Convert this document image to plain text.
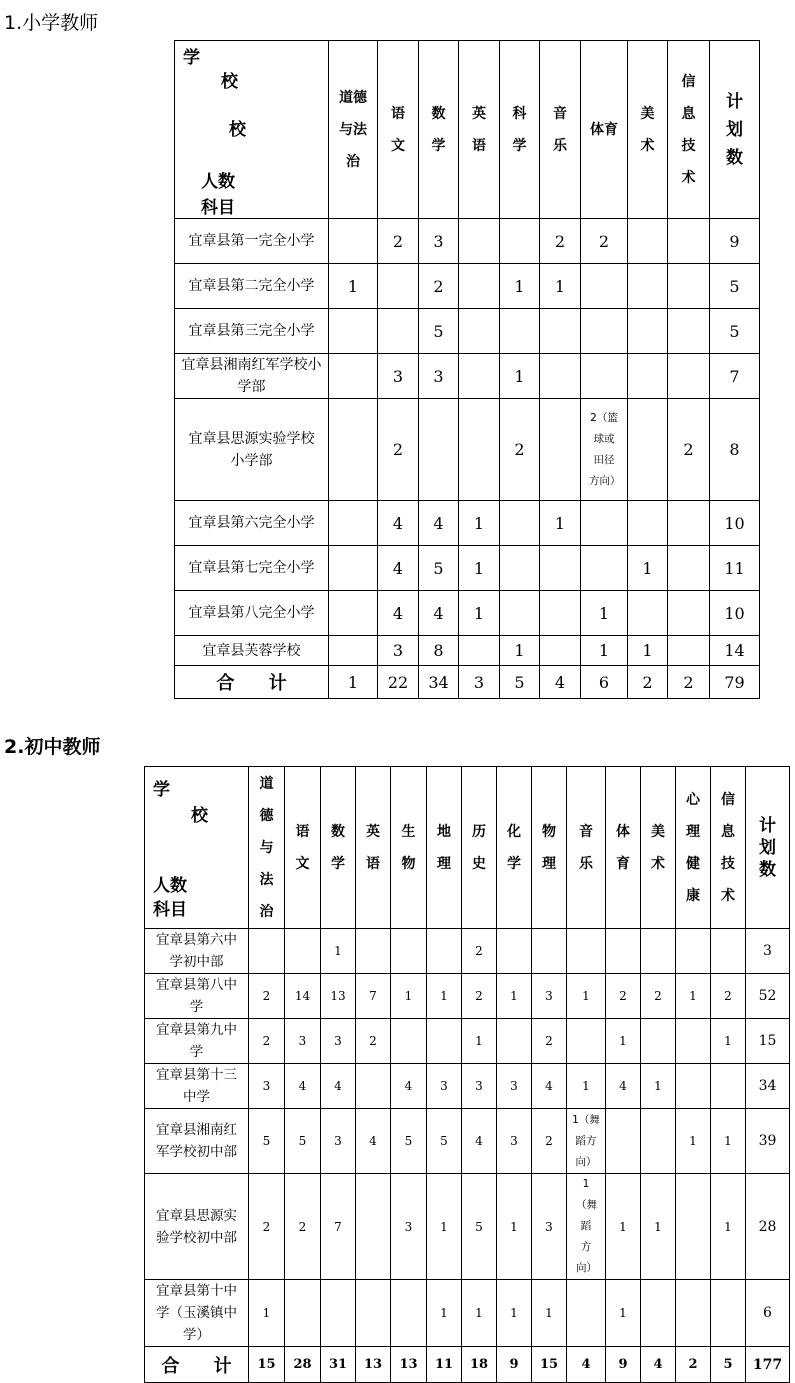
1.小学教师
学
校
校
人数
科目	道德与法治	语文	数学	英语	科学	音乐	体育	美术	信息技术	计划数

宜章县第一完全小学		2	3			2	2			9
宜章县第二完全小学	1		2		1	1				5
宜章县第三完全小学			5							5
宜章县湘南红军学校小学部		3	3		1					7

宜章县思源实验学校小学部		2			2		2（篮球或田径方向）		2	8
宜章县第六完全小学		4	4	1		1				10
宜章县第七完全小学		4	5	1				1		11
宜章县第八完全小学		4	4	1			1			10
宜章县芙蓉学校		3	8		1		1	1		14
合 计	1	22	34	3	5	4	6	2	2	79
2.初中教师
学
校
人数
科目	道德与法治	语文	数学	英语	生物	地理	历史	化学	物理	音乐	体育	美术	心理健康	信息技术	计划数

宜章县第六中学初中部			1				2								3

宜章县第八中学	2	14	13	7	1	1	2	1	3	1	2	2	1	2	52

宜章县第九中学	2	3	3	2			1		2		1			1	15

宜章县第十三中学	3	4	4		4	3	3	3	4	1	4	1			34

宜章县湘南红军学校初中部	5	5	3	4	5	5	4	3	2	1（舞蹈方向）			1	1	39

宜章县思源实验学校初中部	2	2	7		3	1	5	1	3	1（舞蹈方向）	1	1		1	28

宜章县第十中学（玉溪镇中学）	1					1	1	1	1		1				6
合 计	15	28	31	13	13	11	18	9	15	4	9	4	2	5	177
